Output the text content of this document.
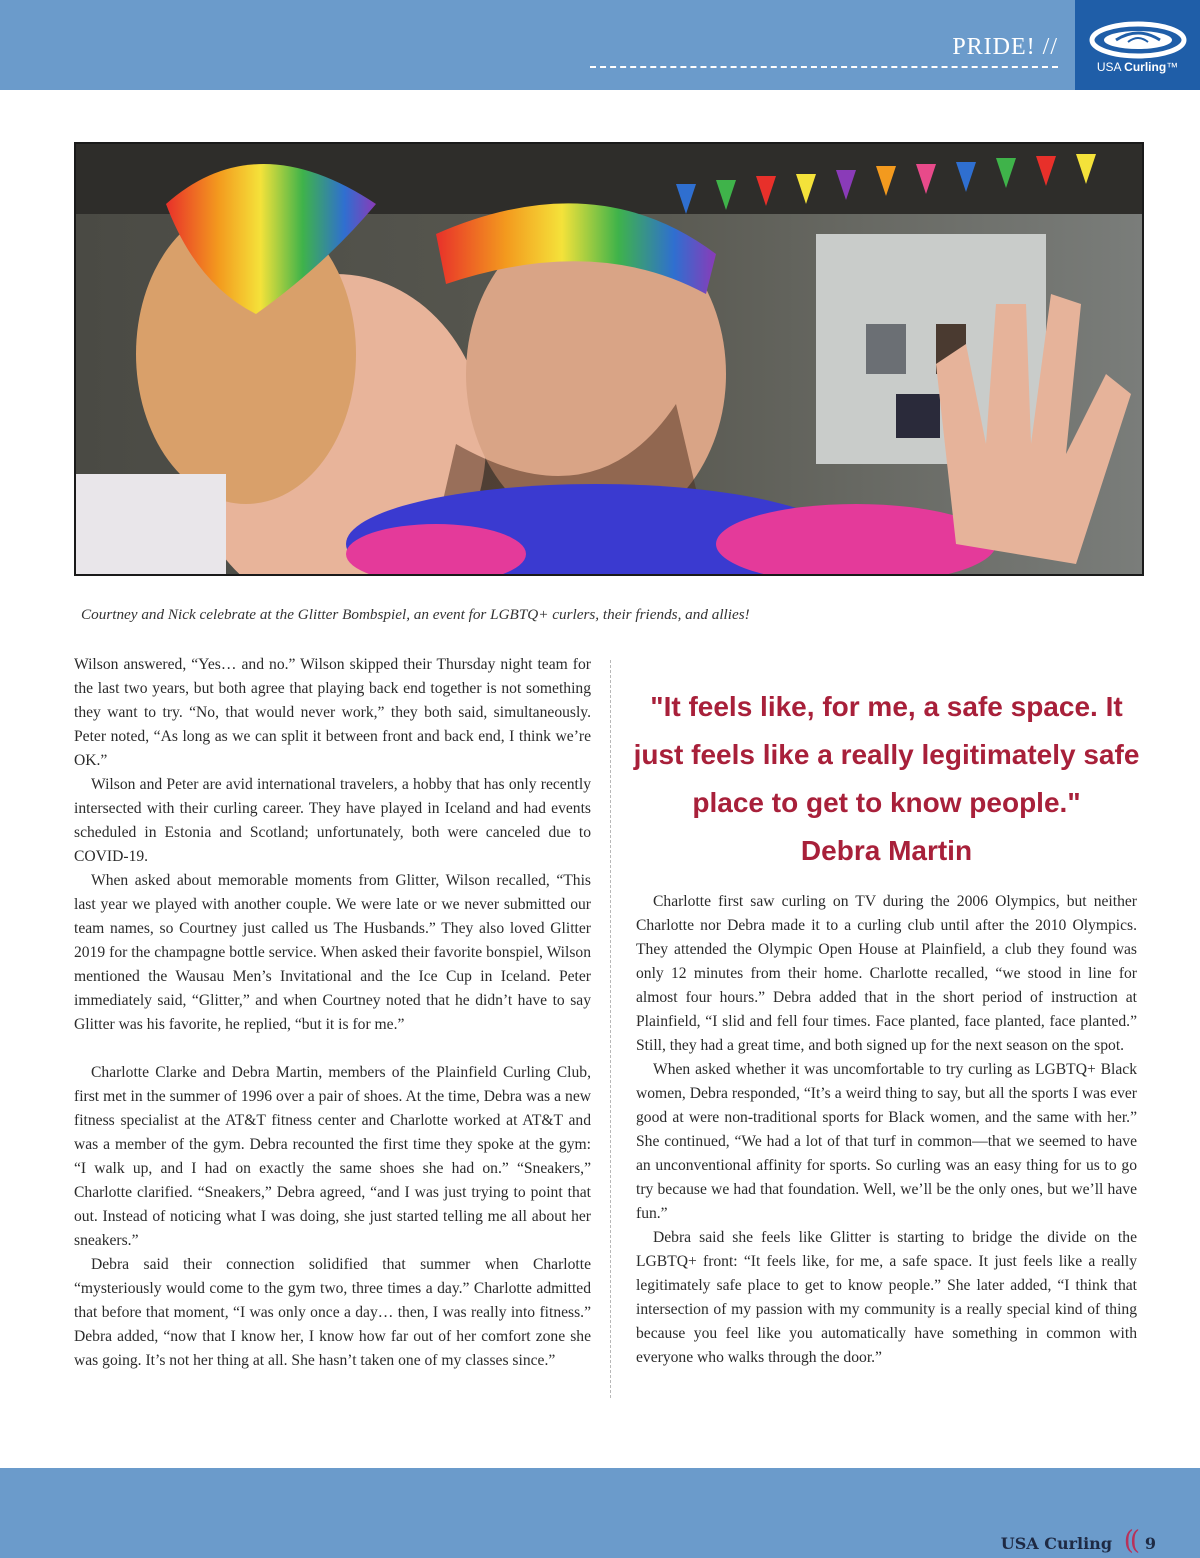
PRIDE! //
USA Curling™
Courtney and Nick celebrate at the Glitter Bombspiel, an event for LGBTQ+ curlers, their friends, and allies!

Wilson answered, “Yes… and no.” Wilson skipped their Thursday night team for the last two years, but both agree that playing back end together is not something they want to try. “No, that would never work,” they both said, simultaneously. Peter noted, “As long as we can split it between front and back end, I think we’re OK.”

Wilson and Peter are avid international travelers, a hobby that has only recently intersected with their curling career. They have played in Iceland and had events scheduled in Estonia and Scotland; unfortunately, both were canceled due to COVID-19.

When asked about memorable moments from Glitter, Wilson recalled, “This last year we played with another couple. We were late or we never submitted our team names, so Courtney just called us The Husbands.” They also loved Glitter 2019 for the champagne bottle service. When asked their favorite bonspiel, Wilson mentioned the Wausau Men’s Invitational and the Ice Cup in Iceland. Peter immediately said, “Glitter,” and when Courtney noted that he didn’t have to say Glitter was his favorite, he replied, “but it is for me.”

Charlotte Clarke and Debra Martin, members of the Plainfield Curling Club, first met in the summer of 1996 over a pair of shoes. At the time, Debra was a new fitness specialist at the AT&T fitness center and Charlotte worked at AT&T and was a member of the gym. Debra recounted the first time they spoke at the gym: “I walk up, and I had on exactly the same shoes she had on.” “Sneakers,” Charlotte clarified. “Sneakers,” Debra agreed, “and I was just trying to point that out. Instead of noticing what I was doing, she just started telling me all about her sneakers.”

Debra said their connection solidified that summer when Charlotte “mysteriously would come to the gym two, three times a day.” Charlotte admitted that before that moment, “I was only once a day… then, I was really into fitness.” Debra added, “now that I know her, I know how far out of her comfort zone she was going. It’s not her thing at all. She hasn’t taken one of my classes since.”

"It feels like, for me, a safe space. It just feels like a really legitimately safe place to get to know people."
Debra Martin

Charlotte first saw curling on TV during the 2006 Olympics, but neither Charlotte nor Debra made it to a curling club until after the 2010 Olympics. They attended the Olympic Open House at Plainfield, a club they found was only 12 minutes from their home. Charlotte recalled, “we stood in line for almost four hours.” Debra added that in the short period of instruction at Plainfield, “I slid and fell four times. Face planted, face planted, face planted.” Still, they had a great time, and both signed up for the next season on the spot.

When asked whether it was uncomfortable to try curling as LGBTQ+ Black women, Debra responded, “It’s a weird thing to say, but all the sports I was ever good at were non-traditional sports for Black women, and the same with her.” She continued, “We had a lot of that turf in common—that we seemed to have an unconventional affinity for sports. So curling was an easy thing for us to go try because we had that foundation. Well, we’ll be the only ones, but we’ll have fun.”

Debra said she feels like Glitter is starting to bridge the divide on the LGBTQ+ front: “It feels like, for me, a safe space. It just feels like a really legitimately safe place to get to know people.” She later added, “I think that intersection of my passion with my community is a really special kind of thing because you feel like you automatically have something in common with everyone who walks through the door.”

USA Curling (( 9
